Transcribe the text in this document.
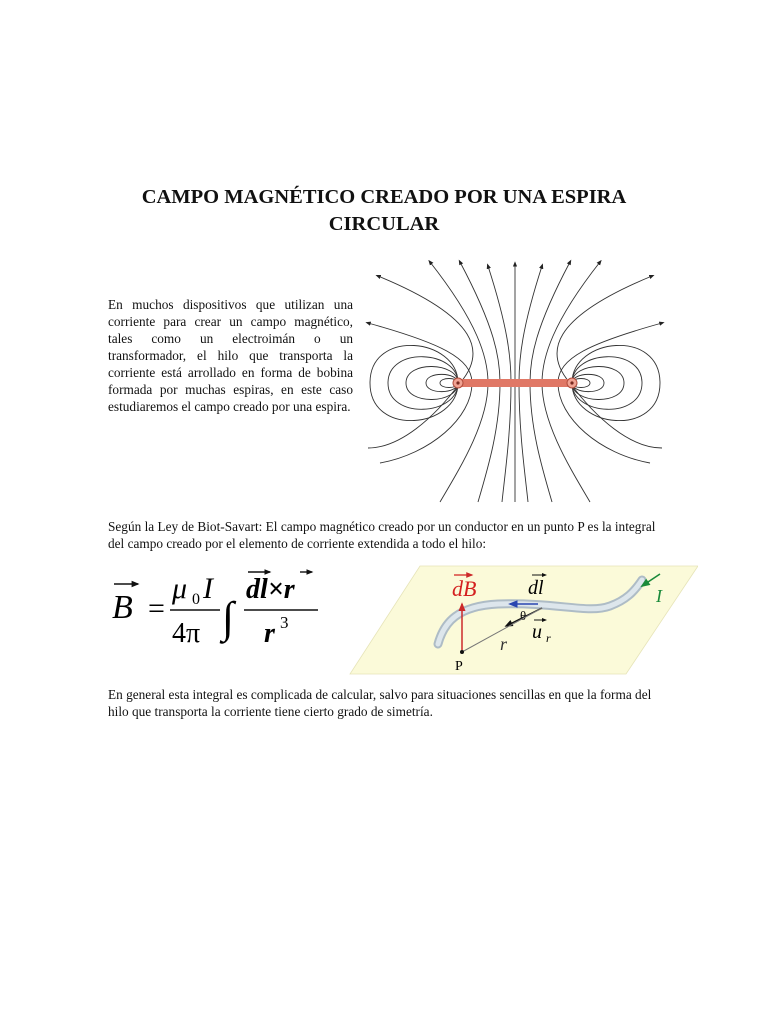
CAMPO MAGNÉTICO CREADO POR UNA ESPIRA
CIRCULAR

En muchos dispositivos que utilizan una corriente para crear un campo magnético, tales como un electroimán o un transformador, el hilo que transporta la corriente está arrollado en forma de bobina formada por muchas espiras, en este caso estudiaremos el campo creado por una espira.

Según la Ley de Biot-Savart: El campo magnético creado por un conductor en un punto P es la integral del campo creado por el elemento de corriente extendida a todo el hilo:

B =
μ 0 I
4π ∫
dl×r
r 3
dB	dl
θ
u r
r
P
I

En general esta integral es complicada de calcular, salvo para situaciones sencillas en que la forma del hilo que transporta la corriente tiene cierto grado de simetría.
